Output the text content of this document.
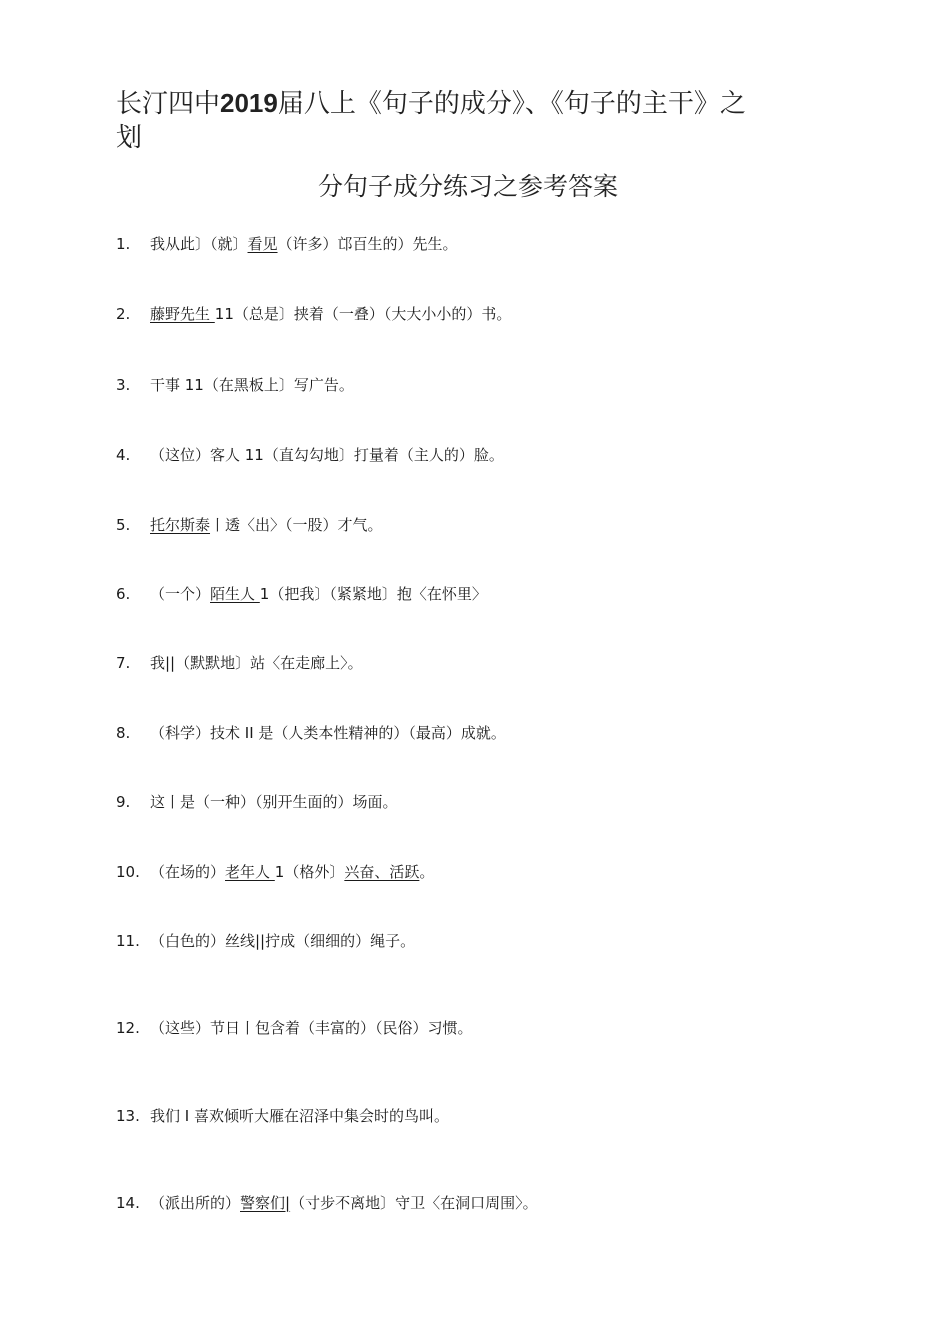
长汀四中2019届八上《句子的成分》、《句子的主干》之
划
分句子成分练习之参考答案
1. 我从此〕（就〕看见（许多）邙百生的）先生。
2. 藤野先生 11（总是〕挟着（一叠）（大大小小的）书。
3. 干事 11（在黑板上〕写广告。
4. （这位）客人 11（直勾勾地〕打量着（主人的）脸。
5. 托尔斯泰丨透〈出〉（一股）才气。
6. （一个）陌生人 1（把我〕（紧紧地〕抱〈在怀里〉
7. 我||（默默地〕站〈在走廊上〉。
8. （科学）技术 II 是（人类本性精神的）（最高）成就。
9. 这丨是（一种）（别开生面的）场面。
10. （在场的）老年人 1（格外〕兴奋、活跃。
11. （白色的）丝线||拧成（细细的）绳子。
12. （这些）节日丨包含着（丰富的）（民俗）习惯。
13. 我们 I 喜欢倾听大雁在沼泽中集会时的鸟叫。
14. （派出所的）警察们|（寸步不离地〕守卫〈在洞口周围〉。
